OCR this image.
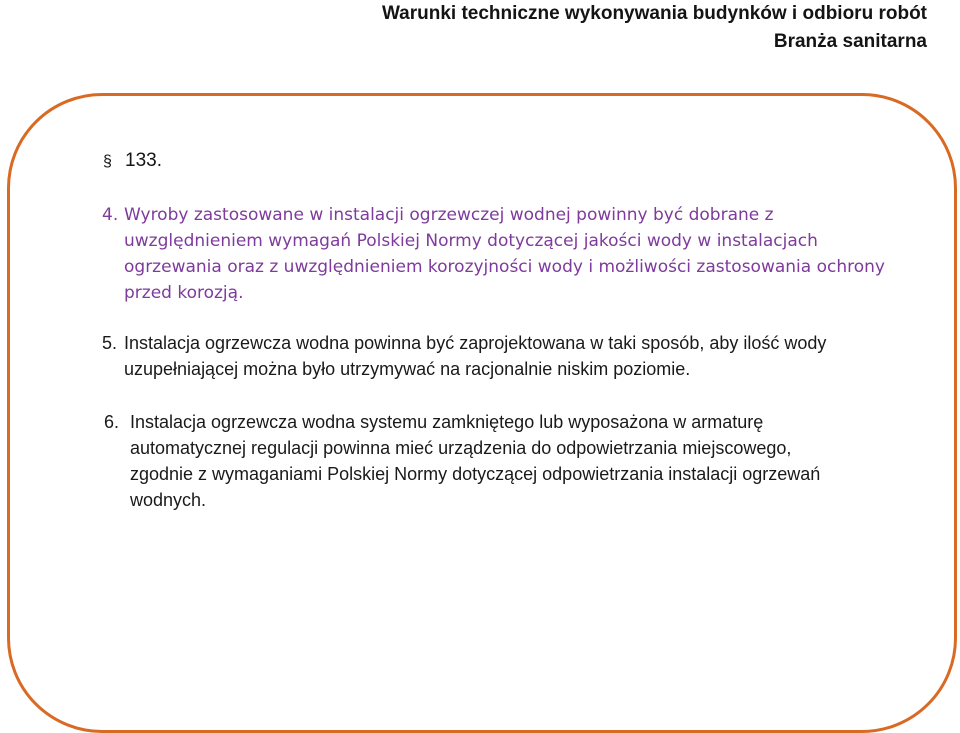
Warunki techniczne wykonywania budynków i odbioru robót
Branża sanitarna
§ 133.
4. Wyroby zastosowane w instalacji ogrzewczej wodnej powinny być dobrane z
uwzględnieniem wymagań Polskiej Normy dotyczącej jakości wody w instalacjach
ogrzewania oraz z uwzględnieniem korozyjności wody i możliwości zastosowania ochrony
przed korozją.
5. Instalacja ogrzewcza wodna powinna być zaprojektowana w taki sposób, aby ilość wody
uzupełniającej można było utrzymywać na racjonalnie niskim poziomie.
6. Instalacja ogrzewcza wodna systemu zamkniętego lub wyposażona w armaturę
automatycznej regulacji powinna mieć urządzenia do odpowietrzania miejscowego,
zgodnie z wymaganiami Polskiej Normy dotyczącej odpowietrzania instalacji ogrzewań
wodnych.
